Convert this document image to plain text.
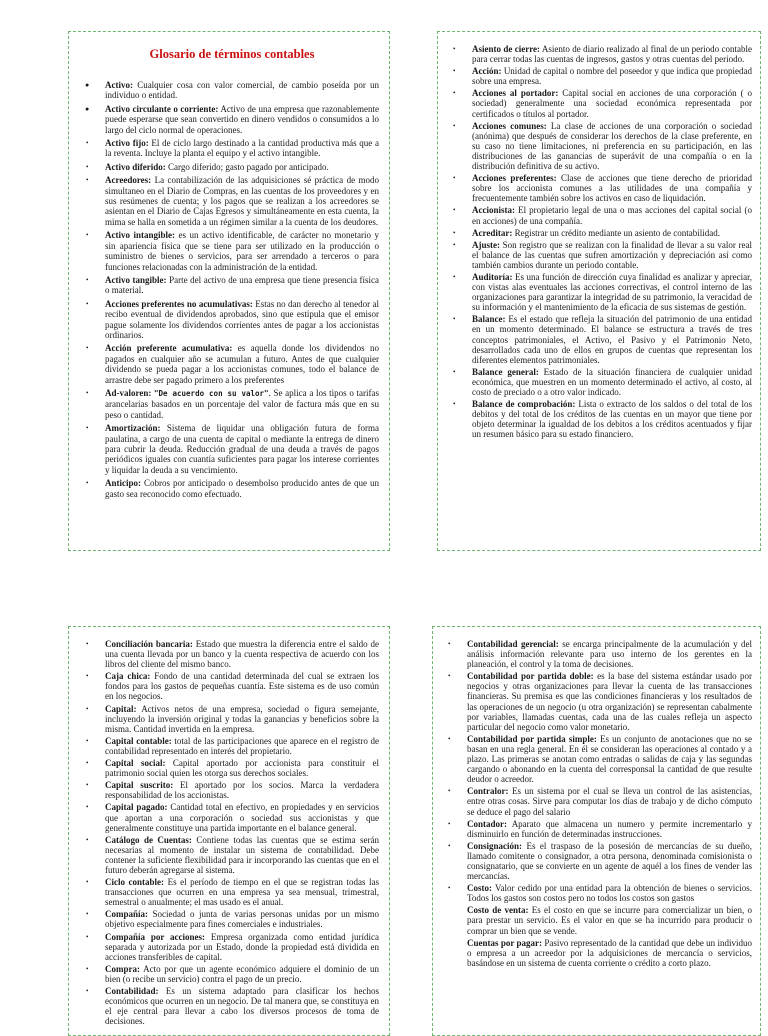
Glosario de términos contables
● Activo: Cualquier cosa con valor comercial, de cambio poseída por un individuo o entidad.
● Activo circulante o corriente: Activo de una empresa que razonablemente puede esperarse que sean convertido en dinero vendidos o consumidos a lo largo del ciclo normal de operaciones.
• Activo fijo: El de ciclo largo destinado a la cantidad productiva más que a la reventa. Incluye la planta el equipo y el activo intangible.
• Activo diferido: Cargo diferido; gasto pagado por anticipado.
• Acreedores: La contabilización de las adquisiciones sé práctica de modo simultaneo en el Diario de Compras, en las cuentas de los proveedores y en sus resúmenes de cuenta; y los pagos que se realizan a los acreedores se asientan en el Diario de Cajas Egresos y simultáneamente en esta cuenta, la mima se halla en sometida a un régimen similar a la cuenta de los deudores.
• Activo intangible: es un activo identificable, de carácter no monetario y sin apariencia física que se tiene para ser utilizado en la producción o suministro de bienes o servicios, para ser arrendado a terceros o para funciones relacionadas con la administración de la entidad.
• Activo tangible: Parte del activo de una empresa que tiene presencia física o material.
• Acciones preferentes no acumulativas: Estas no dan derecho al tenedor al recibo eventual de dividendos aprobados, sino que estipula que el emisor pague solamente los dividendos corrientes antes de pagar a los accionistas ordinarios.
• Acción preferente acumulativa: es aquella donde los dividendos no pagados en cualquier año se acumulan a futuro. Antes de que cualquier dividendo se pueda pagar a los accionistas comunes, todo el balance de arrastre debe ser pagado primero a los preferentes
• Ad-valoren: "De acuerdo con su valor". Se aplica a los tipos o tarifas arancelarias basados en un porcentaje del valor de factura más que en su peso o cantidad.
• Amortización: Sistema de liquidar una obligación futura de forma paulatina, a cargo de una cuenta de capital o mediante la entrega de dinero para cubrir la deuda. Reducción gradual de una deuda a través de pagos periódicos iguales con cuantía suficientes para pagar los interese corrientes y liquidar la deuda a su vencimiento.
• Anticipo: Cobros por anticipado o desembolso producido antes de que un gasto sea reconocido como efectuado.
• Asiento de cierre: Asiento de diario realizado al final de un periodo contable para cerrar todas las cuentas de ingresos, gastos y otras cuentas del periodo.
• Acción: Unidad de capital o nombre del poseedor y que indica que propiedad sobre una empresa.
• Acciones al portador: Capital social en acciones de una corporación ( o sociedad) generalmente una sociedad económica representada por certificados o títulos al portador.
• Acciones comunes: La clase de acciones de una corporación o sociedad (anónima) que después de considerar los derechos de la clase preferente, en su caso no tiene limitaciones, ni preferencia en su participación, en las distribuciones de las ganancias de superávit de una compañía o en la distribución definitiva de su activo.
• Acciones preferentes: Clase de acciones que tiene derecho de prioridad sobre los accionista comunes a las utilidades de una compañía y frecuentemente también sobre los activos en caso de liquidación.
• Accionista: El propietario legal de una o mas acciones del capital social (o en acciones) de una compañía.
• Acreditar: Registrar un crédito mediante un asiento de contabilidad.
• Ajuste: Son registro que se realizan con la finalidad de llevar a su valor real el balance de las cuentas que sufren amortización y depreciación así como también cambios durante un periodo contable.
• Auditoría: Es una función de dirección cuya finalidad es analizar y apreciar, con vistas alas eventuales las acciones correctivas, el control interno de las organizaciones para garantizar la integridad de su patrimonio, la veracidad de su información y el mantenimiento de la eficacia de sus sistemas de gestión.
• Balance: Es el estado que refleja la situación del patrimonio de una entidad en un momento determinado. El balance se estructura a través de tres conceptos patrimoniales, el Activo, el Pasivo y el Patrimonio Neto, desarrollados cada uno de ellos en grupos de cuentas que representan los diferentes elementos patrimoniales.
• Balance general: Estado de la situación financiera de cualquier unidad económica, que muestren en un momento determinado el activo, al costo, al costo de preciado o a otro valor indicado.
• Balance de comprobación: Lista o extracto de los saldos o del total de los debitos y del total de los créditos de las cuentas en un mayor que tiene por objeto determinar la igualdad de los debitos a los créditos acentuados y fijar un resumen básico para su estado financiero.
• Conciliación bancaria: Estado que muestra la diferencia entre el saldo de una cuenta llevada por un banco y la cuenta respectiva de acuerdo con los libros del cliente del mismo banco.
• Caja chica: Fondo de una cantidad determinada del cual se extraen los fondos para los gastos de pequeñas cuantía. Este sistema es de uso común en los negocios.
• Capital: Activos netos de una empresa, sociedad o figura semejante, incluyendo la inversión original y todas la ganancias y beneficios sobre la misma. Cantidad invertida en la empresa.
• Capital contable: total de las participaciones que aparece en el registro de contabilidad representado en interés del propietario.
• Capital social: Capital aportado por accionista para constituir el patrimonio social quien les otorga sus derechos sociales.
• Capital suscrito: El aportado por los socios. Marca la verdadera responsabilidad de los accionistas.
• Capital pagado: Cantidad total en efectivo, en propiedades y en servicios que aportan a una corporación o sociedad sus accionistas y que generalmente constituye una partida importante en el balance general.
• Catálogo de Cuentas: Contiene todas las cuentas que se estima serán necesarias al momento de instalar un sistema de contabilidad. Debe contener la suficiente flexibilidad para ir incorporando las cuentas que en el futuro deberán agregarse al sistema.
• Ciclo contable: Es el período de tiempo en el que se registran todas las transacciones que ocurren en una empresa ya sea mensual, trimestral, semestral o anualmente; el mas usado es el anual.
• Compañía: Sociedad o junta de varias personas unidas por un mismo objetivo especialmente para fines comerciales e industriales.
• Compañía por acciones: Empresa organizada como entidad jurídica separada y autorizada por un Estado, donde la propiedad está dividida en acciones transferibles de capital.
• Compra: Acto por que un agente económico adquiere el dominio de un bien (o recibe un servicio) contra el pago de un precio.
• Contabilidad: Es un sistema adaptado para clasificar los hechos económicos que ocurren en un negocio. De tal manera que, se constituya en el eje central para llevar a cabo los diversos procesos de toma de decisiones.
• Contabilidad gerencial: se encarga principalmente de la acumulación y del análisis información relevante para uso interno de los gerentes en la planeación, el control y la toma de decisiones.
• Contabilidad por partida doble: es la base del sistema estándar usado por negocios y otras organizaciones para llevar la cuenta de las transacciones financieras. Su premisa es que las condiciones financieras y los resultados de las operaciones de un negocio (u otra organización) se representan cabalmente por variables, llamadas cuentas, cada una de las cuales refleja un aspecto particular del negocio como valor monetario.
• Contabilidad por partida simple: Es un conjunto de anotaciones que no se basan en una regla general. En él se consideran las operaciones al contado y a plazo. Las primeras se anotan como entradas o salidas de caja y las segundas cargando o abonando en la cuenta del corresponsal la cantidad de que resulte deudor o acreedor.
• Contralor: Es un sistema por el cual se lleva un control de las asistencias, entre otras cosas. Sirve para computar los días de trabajo y de dicho cómputo se deduce el pago del salario
• Contador: Aparato que almacena un numero y permite incrementarlo y disminuirlo en función de determinadas instrucciones.
• Consignación: Es el traspaso de la posesión de mercancías de su dueño, llamado comitente o consignador, a otra persona, denominada comisionista o consignatario, que se convierte en un agente de aquél a los fines de vender las mercancías.
• Costo: Valor cedido por una entidad para la obtención de bienes o servicios. Todos los gastos son costos pero no todos los costos son gastos
Costo de venta: Es el costo en que se incurre para comercializar un bien, o para prestar un servicio. Es el valor en que se ha incurrido para producir o comprar un bien que se vende.
Cuentas por pagar: Pasivo representado de la cantidad que debe un individuo o empresa a un acreedor por la adquisiciones de mercancía o servicios, basándose en un sistema de cuenta corriente o crédito a corto plazo.
